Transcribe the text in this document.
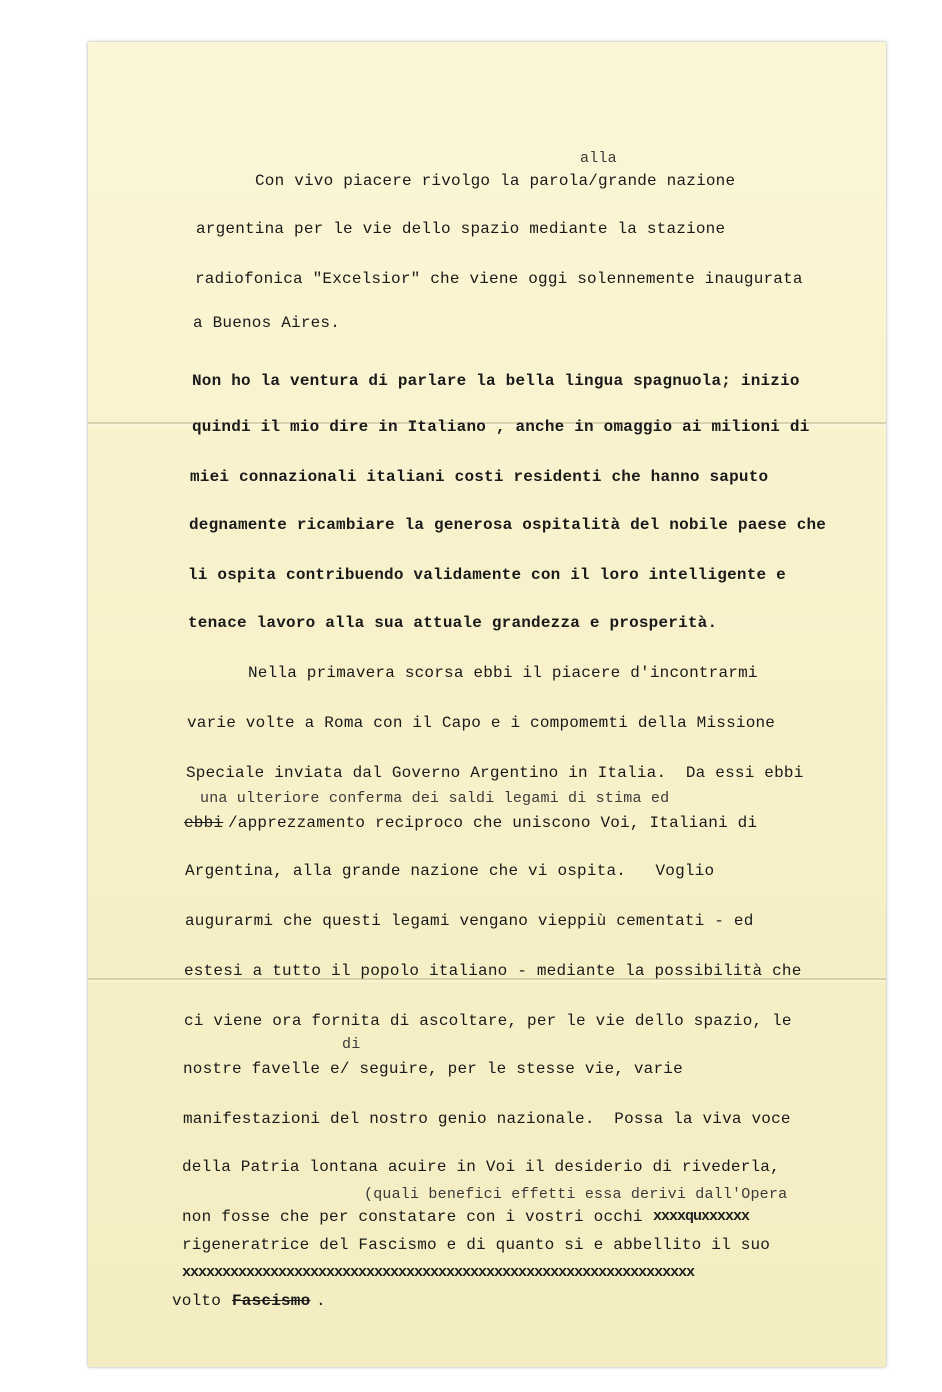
alla
Con vivo piacere rivolgo la parola/grande nazione
argentina per le vie dello spazio mediante la stazione
radiofonica "Excelsior" che viene oggi solennemente inaugurata
a Buenos Aires.
Non ho la ventura di parlare la bella lingua spagnuola; inizio
quindi il mio dire in Italiano , anche in omaggio ai milioni di
miei connazionali italiani costi residenti che hanno saputo
degnamente ricambiare la generosa ospitalità del nobile paese che
li ospita contribuendo validamente con il loro intelligente e
tenace lavoro alla sua attuale grandezza e prosperità.
Nella primavera scorsa ebbi il piacere d'incontrarmi
varie volte a Roma con il Capo e i compomemti della Missione
Speciale inviata dal Governo Argentino in Italia.  Da essi ebbi
una ulteriore conferma dei saldi legami di stima ed
ebbi /apprezzamento reciproco che uniscono Voi, Italiani di
Argentina, alla grande nazione che vi ospita.   Voglio
augurarmi che questi legami vengano vieppiù cementati - ed
estesi a tutto il popolo italiano - mediante la possibilità che
ci viene ora fornita di ascoltare, per le vie dello spazio, le
di
nostre favelle e/ seguire, per le stesse vie, varie
manifestazioni del nostro genio nazionale.  Possa la viva voce
della Patria lontana acuire in Voi il desiderio di rivederla,
(quali benefici effetti essa derivi dall'Opera
non fosse che per constatare con i vostri occhi xxxxquxxxxxx
rigeneratrice del Fascismo e di quanto si e abbellito il suo
xxxxxxxxxxxxxxxxxxxxxxxxxxxxxxxxxxxxxxxxxxxxxxxxxxxxxxxxxxxxxxxx
volto Fascismo .
